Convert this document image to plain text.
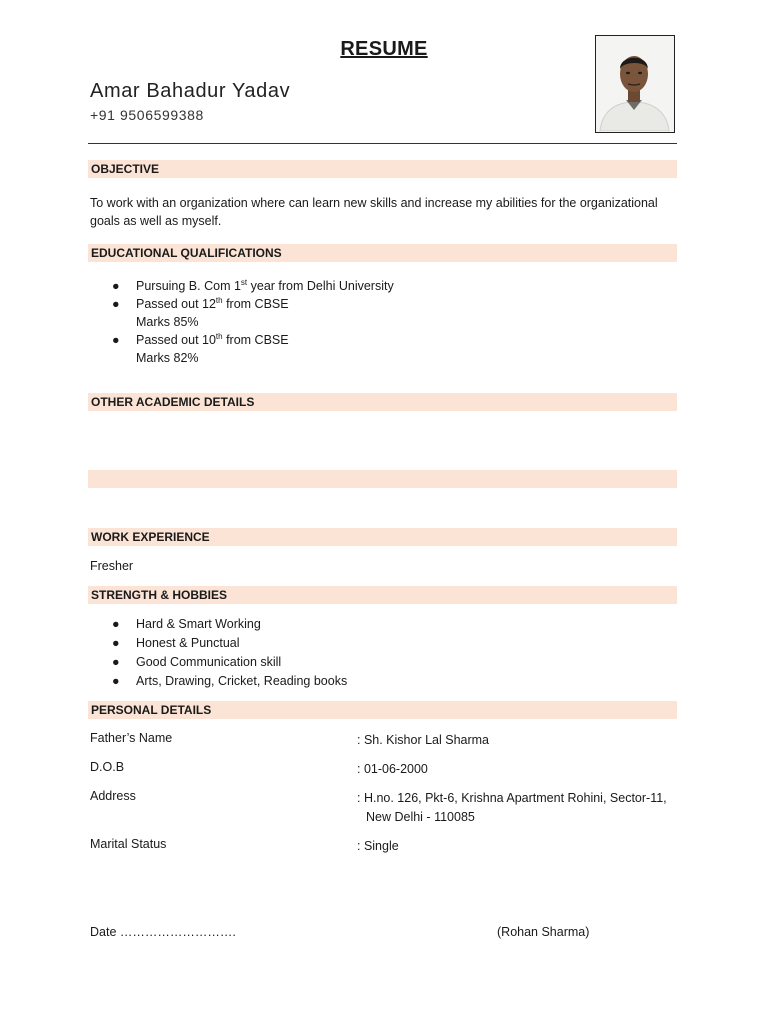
RESUME
Amar Bahadur Yadav
+91 9506599388
OBJECTIVE
To work with an organization where can learn new skills and increase my abilities for the organizational
goals as well as myself.
EDUCATIONAL QUALIFICATIONS
● Pursuing B. Com 1st year from Delhi University
● Passed out 12th from CBSE
Marks 85%
● Passed out 10th from CBSE
Marks 82%
OTHER ACADEMIC DETAILS
WORK EXPERIENCE
Fresher
STRENGTH & HOBBIES
● Hard & Smart Working
● Honest & Punctual
● Good Communication skill
● Arts, Drawing, Cricket, Reading books
PERSONAL DETAILS
Father’s Name	: Sh. Kishor Lal Sharma
D.O.B	: 01-06-2000
Address	: H.no. 126, Pkt-6, Krishna Apartment Rohini, Sector-11,
New Delhi - 110085
Marital Status	: Single
Date ……………………….	(Rohan Sharma)
